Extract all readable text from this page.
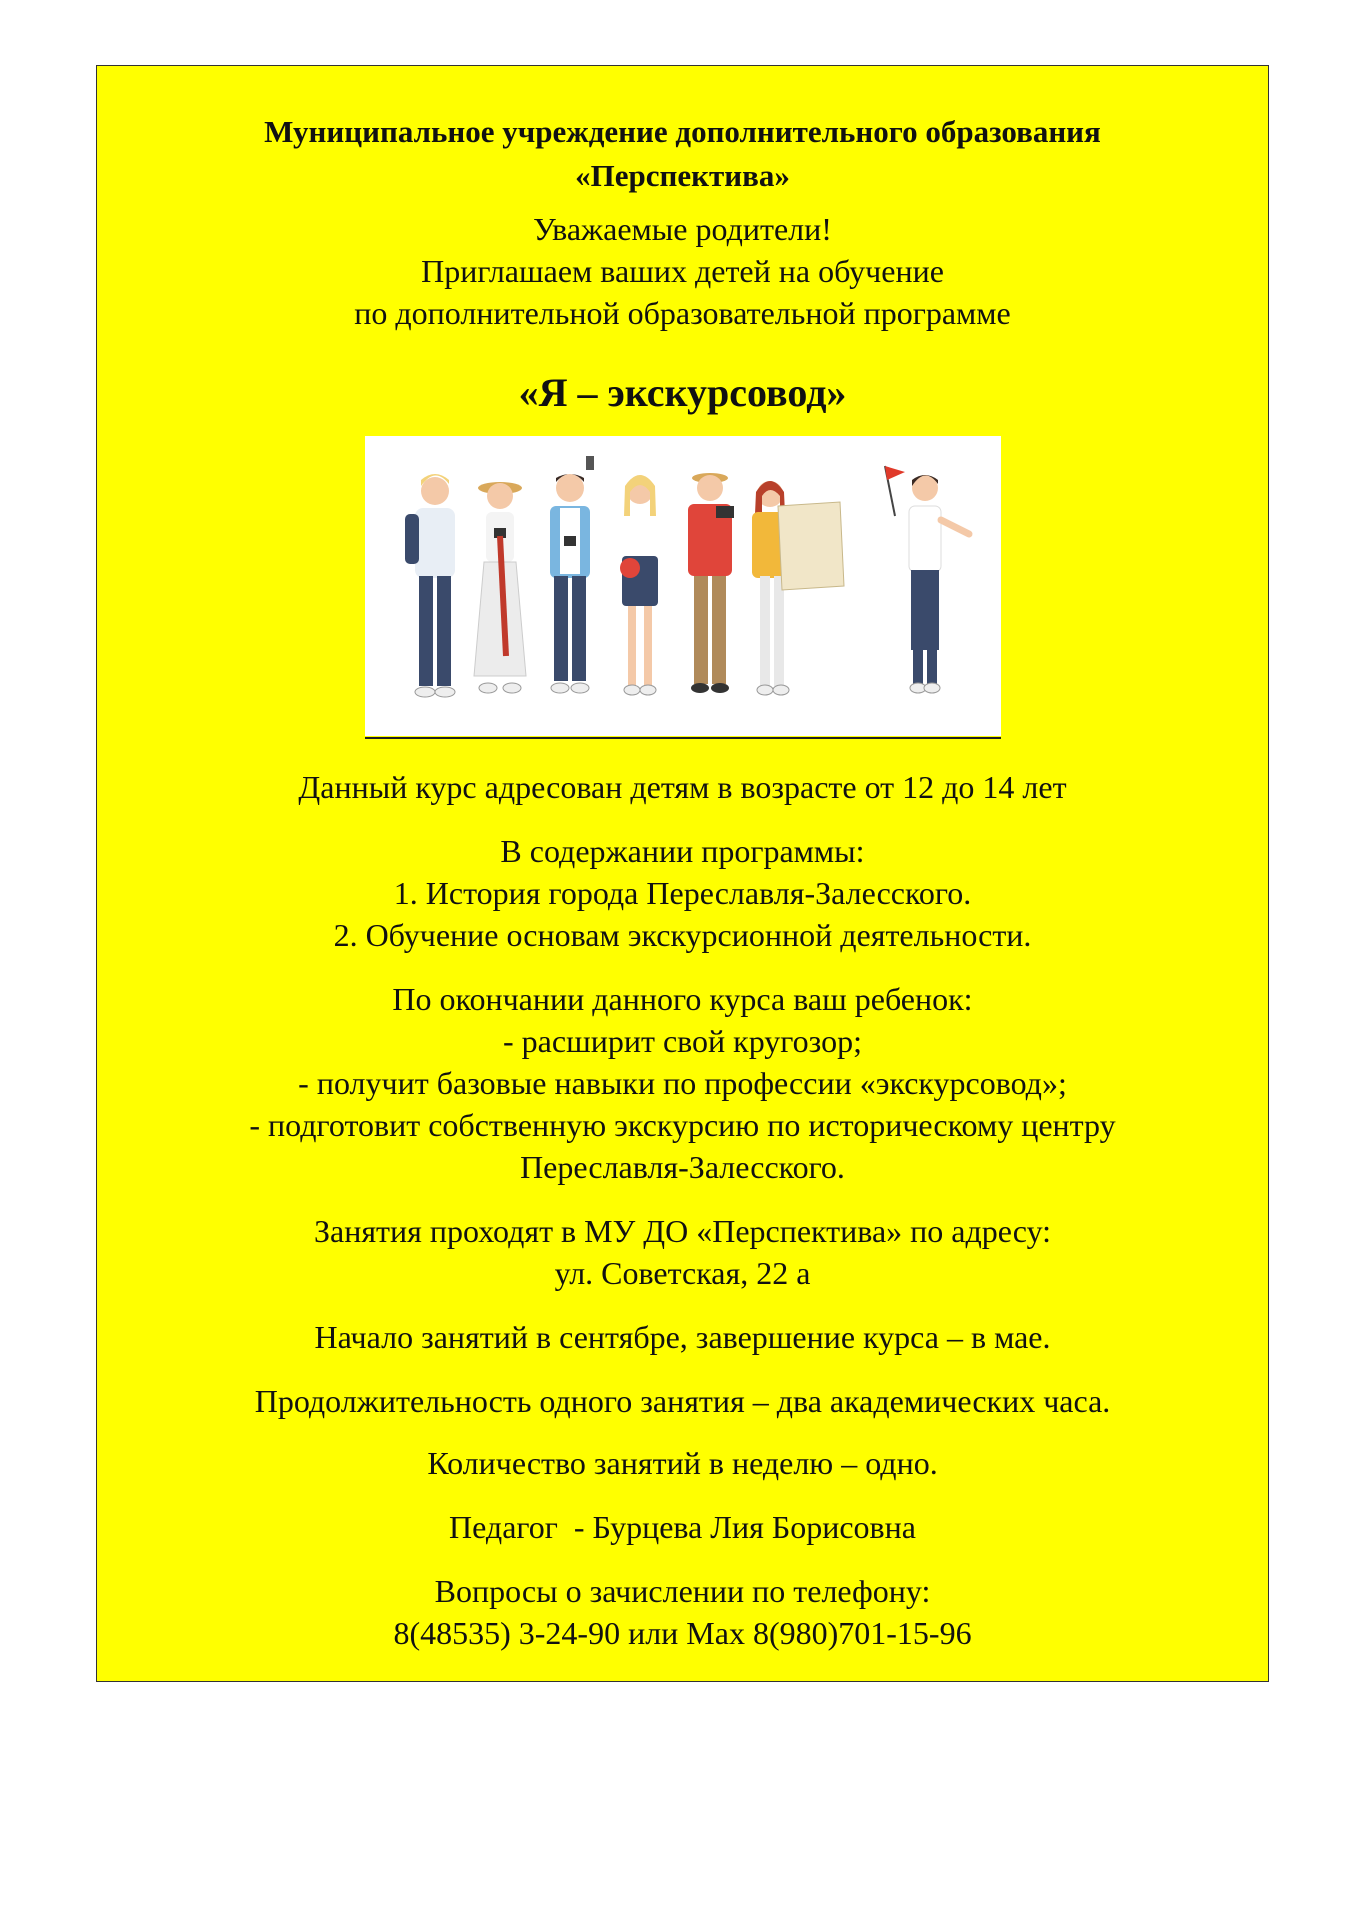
Муниципальное учреждение дополнительного образования
«Перспектива»
Уважаемые родители!
Приглашаем ваших детей на обучение
по дополнительной образовательной программе
«Я – экскурсовод»
Данный курс адресован детям в возрасте от 12 до 14 лет
В содержании программы:
1. История города Переславля-Залесского.
2. Обучение основам экскурсионной деятельности.
По окончании данного курса ваш ребенок:
- расширит свой кругозор;
- получит базовые навыки по профессии «экскурсовод»;
- подготовит собственную экскурсию по историческому центру
Переславля-Залесского.
Занятия проходят в МУ ДО «Перспектива» по адресу:
ул. Советская, 22 а
Начало занятий в сентябре, завершение курса – в мае.
Продолжительность одного занятия – два академических часа.
Количество занятий в неделю – одно.
Педагог  - Бурцева Лия Борисовна
Вопросы о зачислении по телефону:
8(48535) 3-24-90 или Max 8(980)701-15-96
